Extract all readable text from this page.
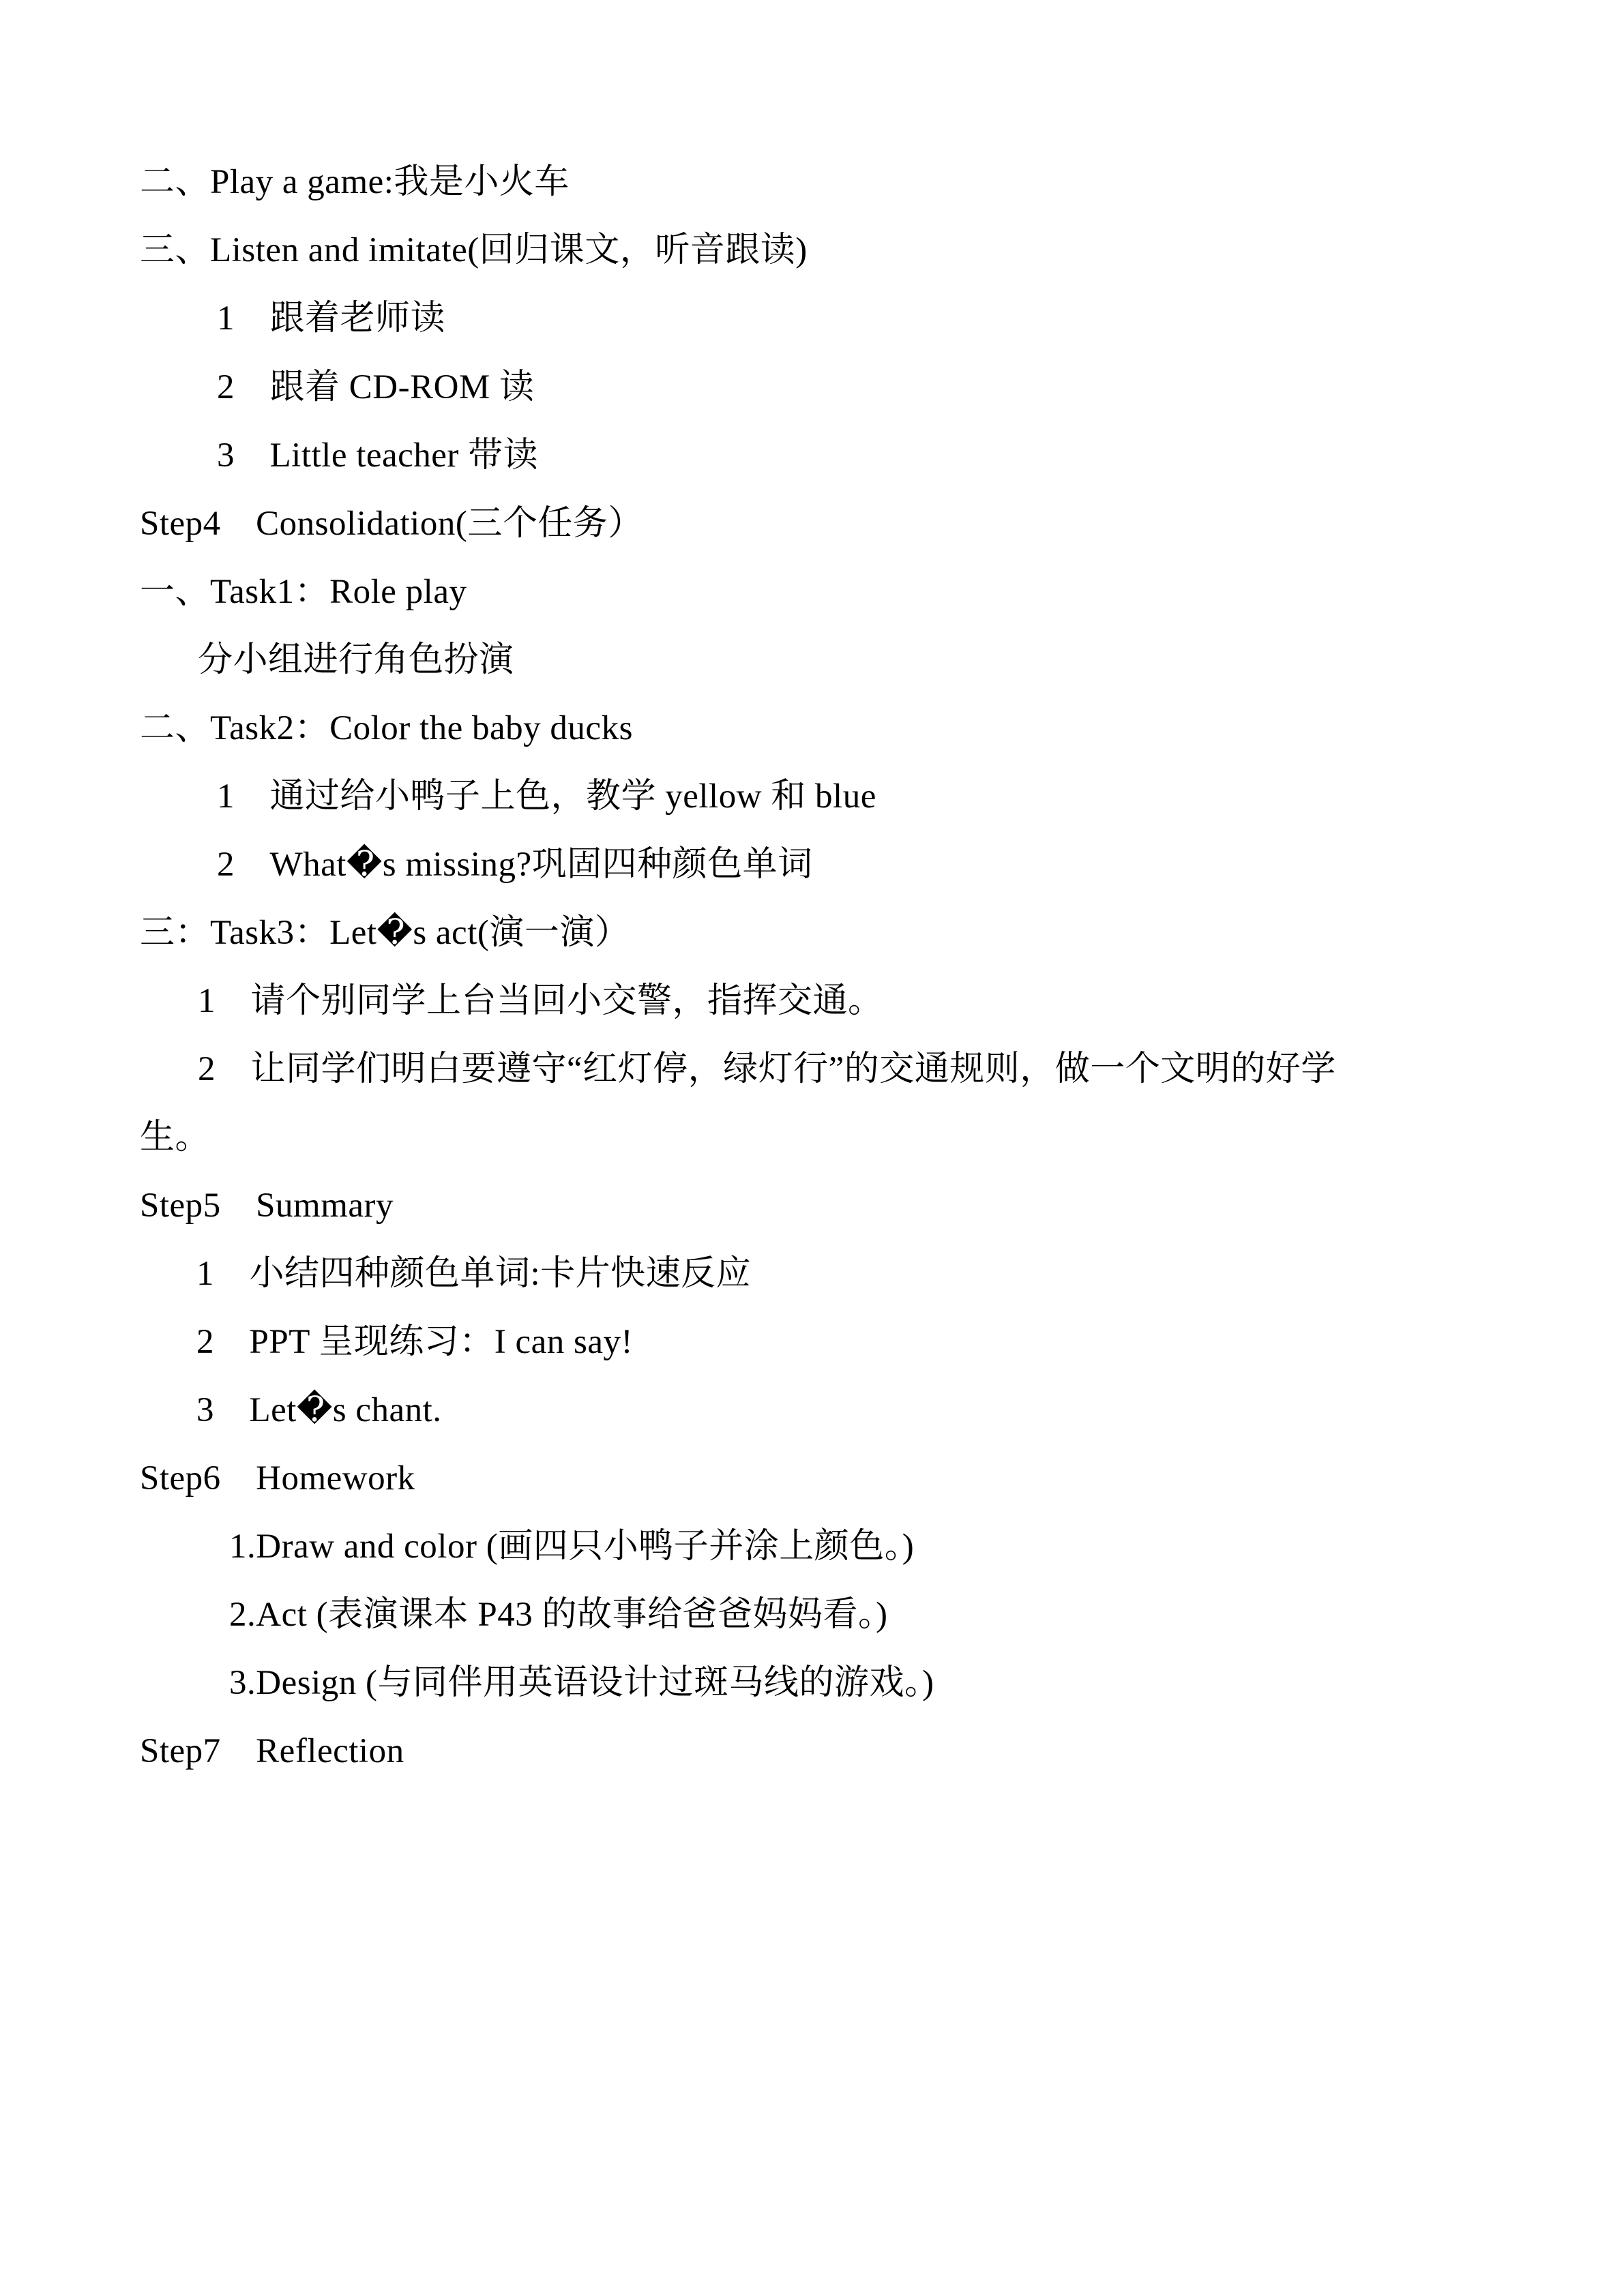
二、Play a game:我是小火车
三、Listen and imitate(回归课文，听音跟读)
1　跟着老师读
2　跟着 CD-ROM 读
3　Little teacher 带读
Step4　Consolidation(三个任务）
一、Task1：Role play
分小组进行角色扮演
二、Task2：Color the baby ducks
1　通过给小鸭子上色，教学 yellow 和 blue
2　What�s missing?巩固四种颜色单词
三：Task3：Let�s act(演一演）
1　请个别同学上台当回小交警，指挥交通。
2　让同学们明白要遵守“红灯停，绿灯行”的交通规则，做一个文明的好学
生。
Step5　Summary
1　小结四种颜色单词:卡片快速反应
2　PPT 呈现练习：I can say!
3　Let�s chant.
Step6　Homework
1.Draw and color (画四只小鸭子并涂上颜色。)
2.Act (表演课本 P43 的故事给爸爸妈妈看。)
3.Design (与同伴用英语设计过斑马线的游戏。)
Step7　Reflection
